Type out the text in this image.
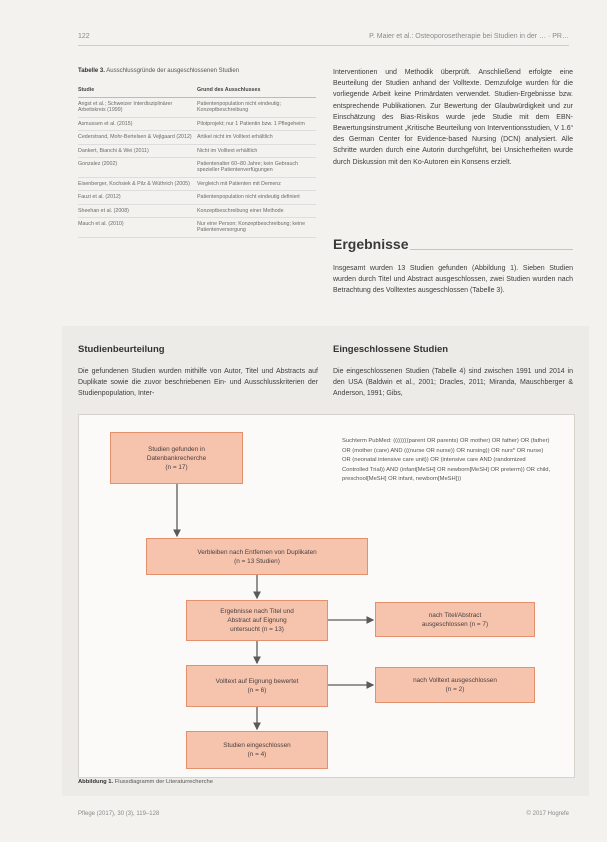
122	P. Maier et al.: Osteoporosetherapie bei Studien in der … · PR…
Tabelle 3. Ausschlussgründe der ausgeschlossenen Studien
Studie	Grund des Ausschlusses
Angst et al.; Schweizer Interdisziplinärer Arbeitskreis (1999)	Patientenpopulation nicht eindeutig; Konzeptbeschreibung
Asmussen et al. (2015)	Pilotprojekt; nur 1 Patientin bzw. 1 Pflegeheim
Cederstrand, Mohr-Bertelsen & Vejlgaard (2012)	Artikel nicht im Volltext erhältlich
Dankert, Bianchi & Wei (2011)	Nicht im Volltext erhältlich
Gonzalez (2002)	Patientenalter 60–80 Jahre; kein Gebrauch spezieller Patientenverfügungen
Eisenberger, Kochsiek & Pilz & Wüthrich (2005)	Vergleich mit Patienten mit Demenz
Fauzi et al. (2012)	Patientenpopulation nicht eindeutig definiert
Sheehan et al. (2008)	Konzeptbeschreibung einer Methode
Mauch et al. (2010)	Nur eine Person; Konzeptbeschreibung; keine Patientenversorgung
Interventionen und Methodik überprüft. Anschließend erfolgte eine Beurteilung der Studien anhand der Volltexte. Demzufolge wurden für die vorliegende Arbeit keine Primärdaten verwendet. Studien-Ergebnisse bzw. entsprechende Publikationen. Zur Bewertung der Glaubwürdigkeit und zur Einschätzung des Bias-Risikos wurde jede Studie mit dem EBN-Bewertungsinstrument „Kritische Beurteilung von Interventionsstudien, V 1.6“ des German Center for Evidence-based Nursing (DCN) analysiert. Alle Schritte wurden durch eine Autorin durchgeführt, bei Unsicherheiten wurde durch Diskussion mit den Ko-Autoren ein Konsens erzielt.
Ergebnisse
Insgesamt wurden 13 Studien gefunden (Abbildung 1). Sieben Studien wurden durch Titel und Abstract ausgeschlossen, zwei Studien wurden nach Betrachtung des Volltextes ausgeschlossen (Tabelle 3).
Studienbeurteilung	Eingeschlossene Studien
Die gefundenen Studien wurden mithilfe von Autor, Titel und Abstracts auf Duplikate sowie die zuvor beschriebenen Ein- und Ausschlusskriterien der Studienpopulation, Inter-
Die eingeschlossenen Studien (Tabelle 4) sind zwischen 1991 und 2014 in den USA (Baldwin et al., 2001; Dracles, 2011; Miranda, Mauschberger & Anderson, 1991; Gibs,
Studien gefunden in
Datenbankrecherche
(n = 17)
Suchterm PubMed: ((((((((parent OR parents) OR mother) OR father) OR (father) OR (mother (care) AND (((nurse OR nurse)) OR nursing)) OR nurs* OR nurse) OR (neonatal intensive care unit)) OR (intensive care AND (randomized Controlled Trial)) AND (infant[MeSH] OR newborn[MeSH] OR preterm)) OR child, preschool[MeSH] OR infant, newborn[MeSH]))
Verbleiben nach Entfernen von Duplikaten
(n = 13 Studien)
Ergebnisse nach Titel und
Abstract auf Eignung
untersucht (n = 13)
nach Titel/Abstract
ausgeschlossen (n = 7)
Volltext auf Eignung bewertet
(n = 6)
nach Volltext ausgeschlossen
(n = 2)
Studien eingeschlossen
(n = 4)
Abbildung 1. Flussdiagramm der Literaturrecherche
Pflege (2017), 30 (3), 119–128	© 2017 Hogrefe
